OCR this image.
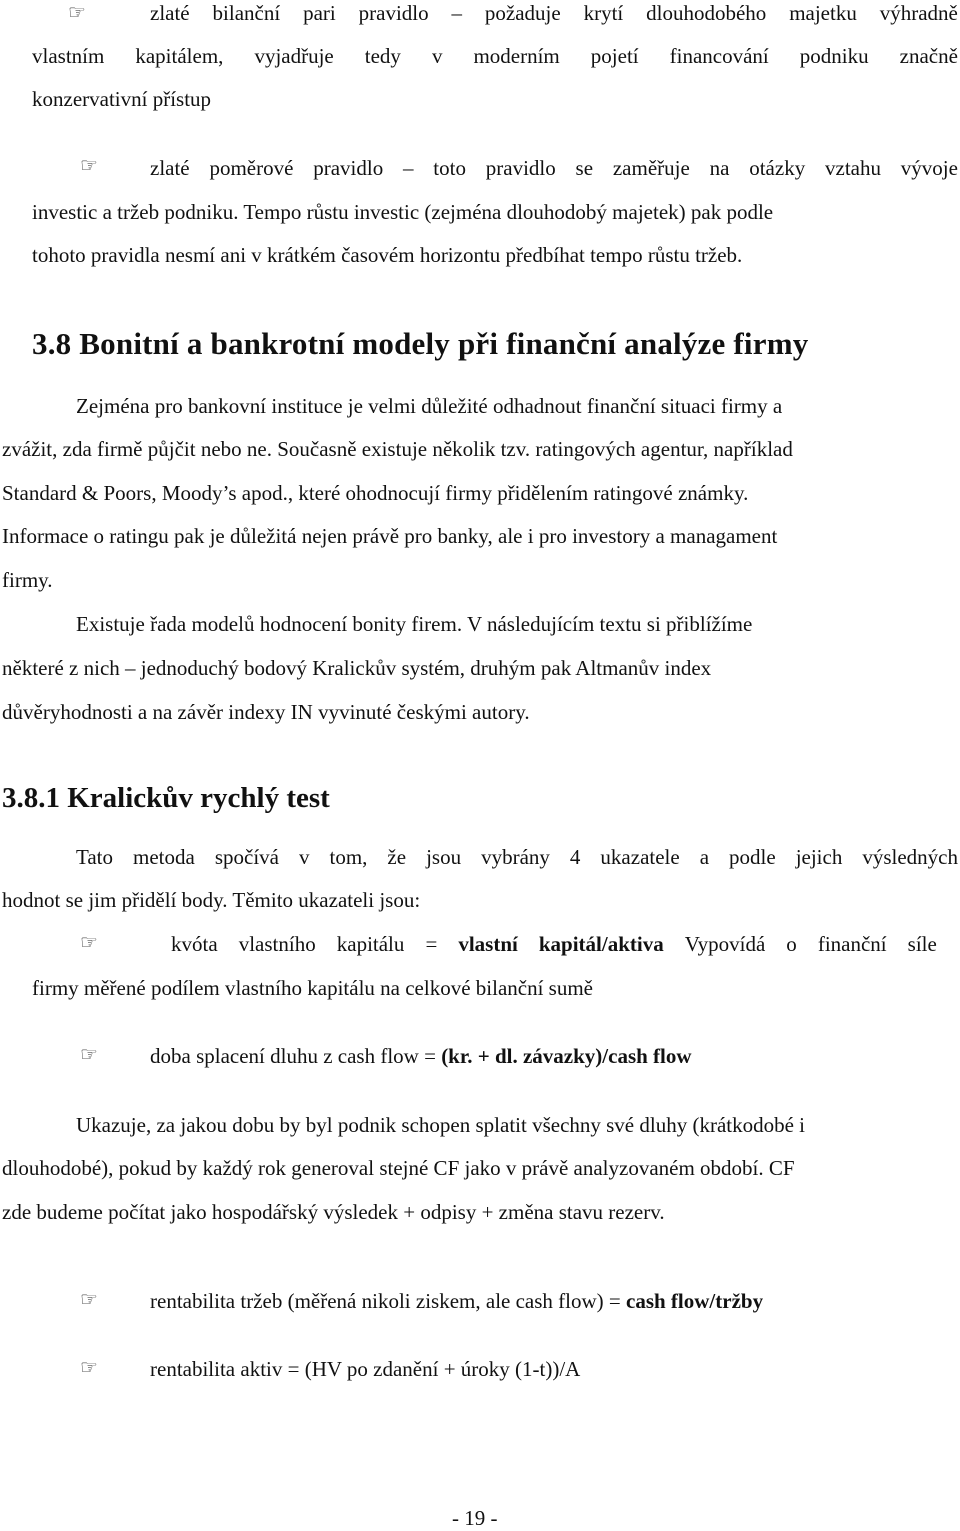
☞	zlaté bilanční pari pravidlo – požaduje krytí dlouhodobého majetku výhradně
vlastním kapitálem, vyjadřuje tedy v moderním pojetí financování podniku značně
konzervativní přístup
☞ zlaté poměrové pravidlo – toto pravidlo se zaměřuje na otázky vztahu vývoje
investic a tržeb podniku. Tempo růstu investic (zejména dlouhodobý majetek) pak podle
tohoto pravidla nesmí ani v krátkém časovém horizontu předbíhat tempo růstu tržeb.
3.8 Bonitní a bankrotní modely při finanční analýze firmy
Zejména pro bankovní instituce je velmi důležité odhadnout finanční situaci firmy a
zvážit, zda firmě půjčit nebo ne. Současně existuje několik tzv. ratingových agentur, například
Standard & Poors, Moody’s apod., které ohodnocují firmy přidělením ratingové známky.
Informace o ratingu pak je důležitá nejen právě pro banky, ale i pro investory a managament
firmy.
Existuje řada modelů hodnocení bonity firem. V následujícím textu si přiblížíme
některé z nich – jednoduchý bodový Kralickův systém, druhým pak Altmanův index
důvěryhodnosti a na závěr indexy IN vyvinuté českými autory.
3.8.1 Kralickův rychlý test
Tato metoda spočívá v tom, že jsou vybrány 4 ukazatele a podle jejich výsledných
hodnot se jim přidělí body. Těmito ukazateli jsou:
☞	kvóta vlastního kapitálu = vlastní kapitál/aktiva Vypovídá o finanční síle
firmy měřené podílem vlastního kapitálu na celkové bilanční sumě
☞ doba splacení dluhu z cash flow = (kr. + dl. závazky)/cash flow
Ukazuje, za jakou dobu by byl podnik schopen splatit všechny své dluhy (krátkodobé i
dlouhodobé), pokud by každý rok generoval stejné CF jako v právě analyzovaném období. CF
zde budeme počítat jako hospodářský výsledek + odpisy + změna stavu rezerv.
☞ rentabilita tržeb (měřená nikoli ziskem, ale cash flow) = cash flow/tržby
☞ rentabilita aktiv = (HV po zdanění + úroky (1-t))/A
- 19 -
